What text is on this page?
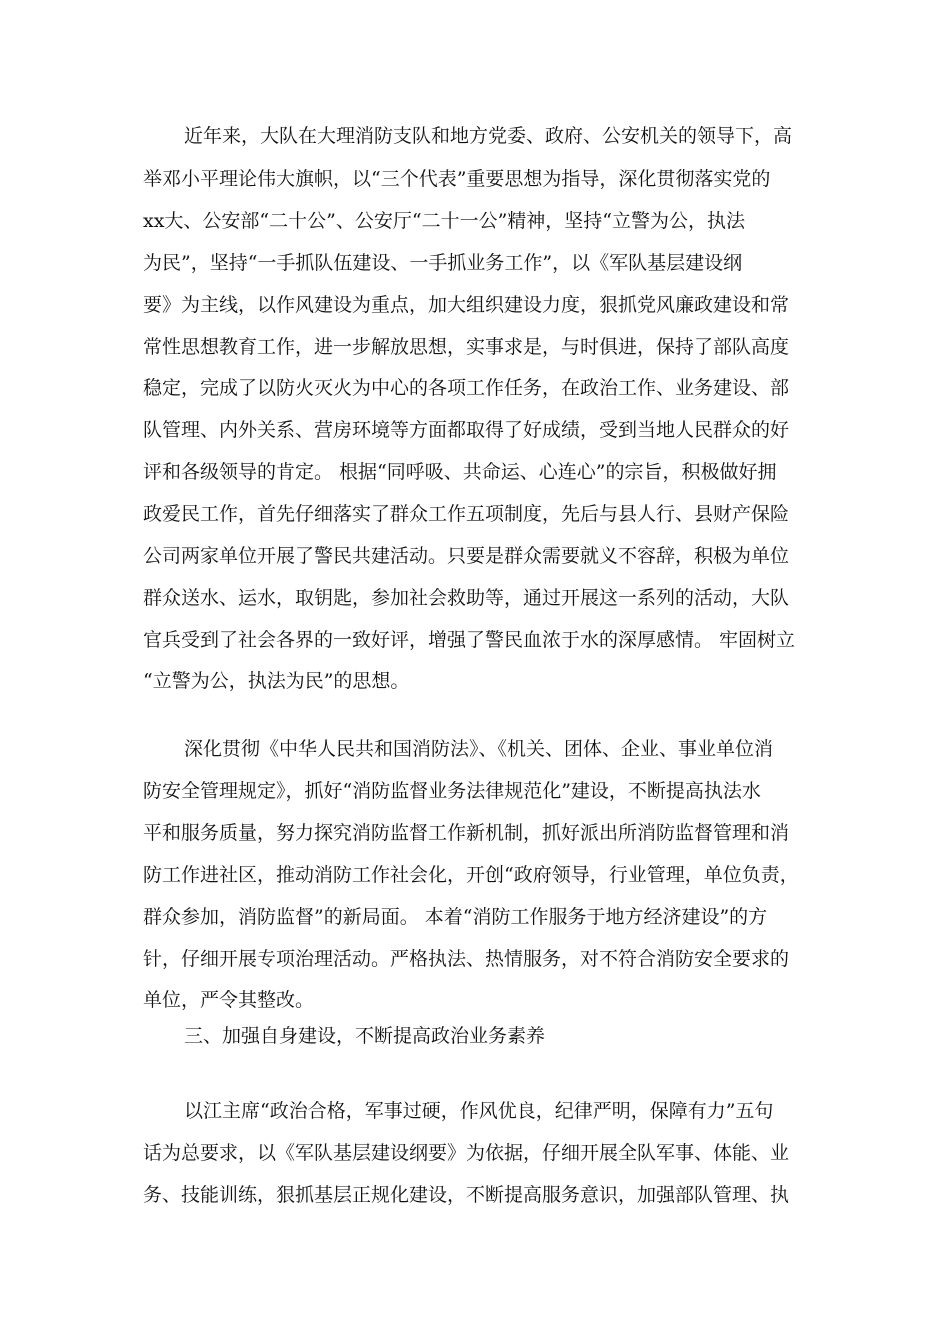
近年来，大队在大理消防支队和地方党委、政府、公安机关的领导下，高
举邓小平理论伟大旗帜，以“三个代表”重要思想为指导，深化贯彻落实党的
xx大、公安部“二十公”、公安厅“二十一公”精神，坚持“立警为公，执法
为民”，坚持“一手抓队伍建设、一手抓业务工作”，以《军队基层建设纲
要》为主线，以作风建设为重点，加大组织建设力度，狠抓党风廉政建设和常
常性思想教育工作，进一步解放思想，实事求是，与时俱进，保持了部队高度
稳定，完成了以防火灭火为中心的各项工作任务，在政治工作、业务建设、部
队管理、内外关系、营房环境等方面都取得了好成绩，受到当地人民群众的好
评和各级领导的肯定。 根据“同呼吸、共命运、心连心”的宗旨，积极做好拥
政爱民工作，首先仔细落实了群众工作五项制度，先后与县人行、县财产保险
公司两家单位开展了警民共建活动。只要是群众需要就义不容辞，积极为单位
群众送水、运水，取钥匙，参加社会救助等，通过开展这一系列的活动，大队
官兵受到了社会各界的一致好评，增强了警民血浓于水的深厚感情。 牢固树立
“立警为公，执法为民”的思想。
深化贯彻《中华人民共和国消防法》、《机关、团体、企业、事业单位消
防安全管理规定》，抓好“消防监督业务法律规范化”建设，不断提高执法水
平和服务质量，努力探究消防监督工作新机制，抓好派出所消防监督管理和消
防工作进社区，推动消防工作社会化，开创“政府领导，行业管理，单位负责，
群众参加，消防监督”的新局面。 本着“消防工作服务于地方经济建设”的方
针，仔细开展专项治理活动。严格执法、热情服务，对不符合消防安全要求的
单位，严令其整改。
三、加强自身建设，不断提高政治业务素养
以江主席“政治合格，军事过硬，作风优良，纪律严明，保障有力”五句
话为总要求，以《军队基层建设纲要》为依据，仔细开展全队军事、体能、业
务、技能训练，狠抓基层正规化建设，不断提高服务意识，加强部队管理、执
